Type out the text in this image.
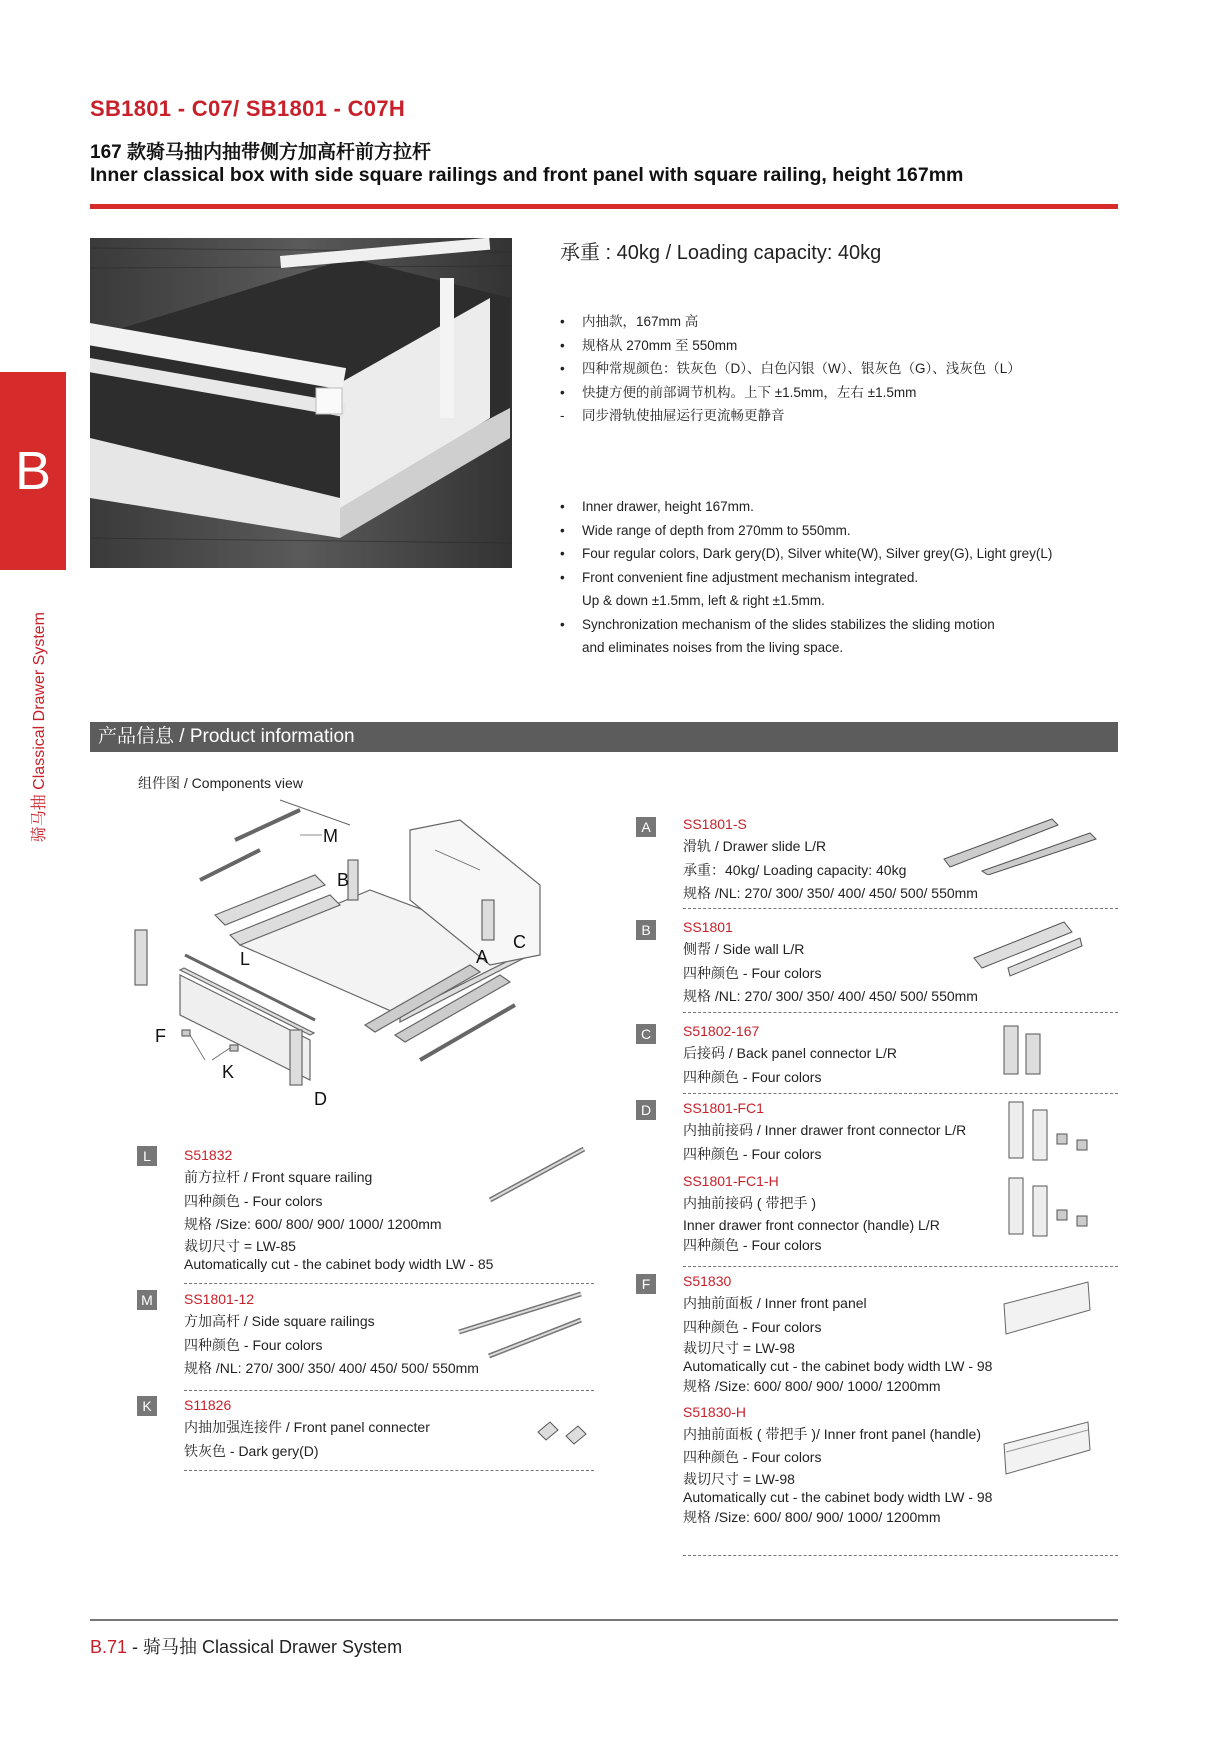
SB1801 - C07/ SB1801 - C07H
167 款骑马抽内抽带侧方加高杆前方拉杆
Inner classical box with side square railings and front panel with square railing, height 167mm
B
骑马抽 Classical Drawer System
承重 : 40kg / Loading capacity: 40kg
• 内抽款，167mm 高
• 规格从 270mm 至 550mm
• 四种常规颜色：铁灰色（D）、白色闪银（W）、银灰色（G）、浅灰色（L）
• 快捷方便的前部调节机构。上下 ±1.5mm，左右 ±1.5mm
- 同步滑轨使抽屉运行更流畅更静音
• Inner drawer, height 167mm.
• Wide range of depth from 270mm to 550mm.
• Four regular colors, Dark gery(D), Silver white(W), Silver grey(G), Light grey(L)
• Front convenient fine adjustment mechanism integrated.
Up & down ±1.5mm, left & right ±1.5mm.
• Synchronization mechanism of the slides stabilizes the sliding motion
and eliminates noises from the living space.
产品信息 / Product information
组件图 / Components view
M
B
C
A
L
F
K
D
L	S51832
前方拉杆 / Front square railing
四种颜色 - Four colors
规格 /Size: 600/ 800/ 900/ 1000/ 1200mm
裁切尺寸 = LW-85
Automatically cut - the cabinet body width LW - 85
M SS1801-12
方加高杆 / Side square railings
四种颜色 - Four colors
规格 /NL: 270/ 300/ 350/ 400/ 450/ 500/ 550mm
K	S11826
内抽加强连接件 / Front panel connecter
铁灰色 - Dark gery(D)
A	SS1801-S
滑轨 / Drawer slide L/R
承重：40kg/ Loading capacity: 40kg
规格 /NL: 270/ 300/ 350/ 400/ 450/ 500/ 550mm
B	SS1801
侧帮 / Side wall L/R
四种颜色 - Four colors
规格 /NL: 270/ 300/ 350/ 400/ 450/ 500/ 550mm
C	S51802-167
后接码 / Back panel connector L/R
四种颜色 - Four colors
D	SS1801-FC1
内抽前接码 / Inner drawer front connector L/R
四种颜色 - Four colors
SS1801-FC1-H
内抽前接码 ( 带把手 )
Inner drawer front connector (handle) L/R
四种颜色 - Four colors
F	S51830
内抽前面板 / Inner front panel
四种颜色 - Four colors
裁切尺寸 = LW-98
Automatically cut - the cabinet body width LW - 98
规格 /Size: 600/ 800/ 900/ 1000/ 1200mm
S51830-H
内抽前面板 ( 带把手 )/ Inner front panel (handle)
四种颜色 - Four colors
裁切尺寸 = LW-98
Automatically cut - the cabinet body width LW - 98
规格 /Size: 600/ 800/ 900/ 1000/ 1200mm
B.71 - 骑马抽 Classical Drawer System
